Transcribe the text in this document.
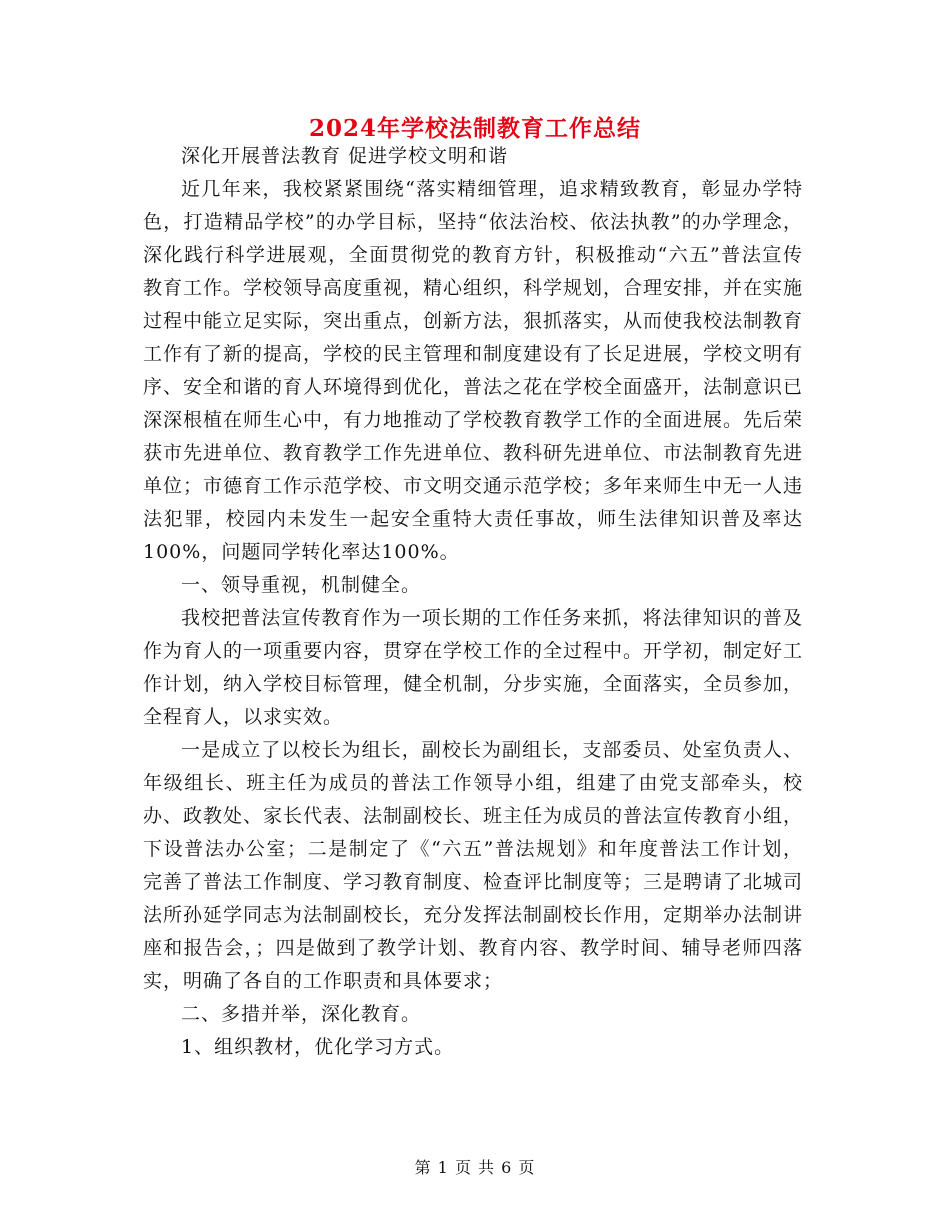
2024年学校法制教育工作总结

深化开展普法教育 促进学校文明和谐

近几年来，我校紧紧围绕“落实精细管理，追求精致教育，彰显办学特色，打造精品学校”的办学目标，坚持“依法治校、依法执教”的办学理念，深化践行科学进展观，全面贯彻党的教育方针，积极推动“六五”普法宣传教育工作。学校领导高度重视，精心组织，科学规划，合理安排，并在实施过程中能立足实际，突出重点，创新方法，狠抓落实，从而使我校法制教育工作有了新的提高，学校的民主管理和制度建设有了长足进展，学校文明有序、安全和谐的育人环境得到优化，普法之花在学校全面盛开，法制意识已深深根植在师生心中，有力地推动了学校教育教学工作的全面进展。先后荣获市先进单位、教育教学工作先进单位、教科研先进单位、市法制教育先进单位；市德育工作示范学校、市文明交通示范学校；多年来师生中无一人违法犯罪，校园内未发生一起安全重特大责任事故，师生法律知识普及率达100%，问题同学转化率达100%。

一、领导重视，机制健全。

我校把普法宣传教育作为一项长期的工作任务来抓，将法律知识的普及作为育人的一项重要内容，贯穿在学校工作的全过程中。开学初，制定好工作计划，纳入学校目标管理，健全机制，分步实施，全面落实，全员参加，全程育人，以求实效。

一是成立了以校长为组长，副校长为副组长，支部委员、处室负责人、年级组长、班主任为成员的普法工作领导小组，组建了由党支部牵头，校办、政教处、家长代表、法制副校长、班主任为成员的普法宣传教育小组，下设普法办公室；二是制定了《“六五”普法规划》和年度普法工作计划，完善了普法工作制度、学习教育制度、检查评比制度等；三是聘请了北城司法所孙延学同志为法制副校长，充分发挥法制副校长作用，定期举办法制讲座和报告会，；四是做到了教学计划、教育内容、教学时间、辅导老师四落实，明确了各自的工作职责和具体要求；

二、多措并举，深化教育。

1、组织教材，优化学习方式。

第 1 页 共 6 页
